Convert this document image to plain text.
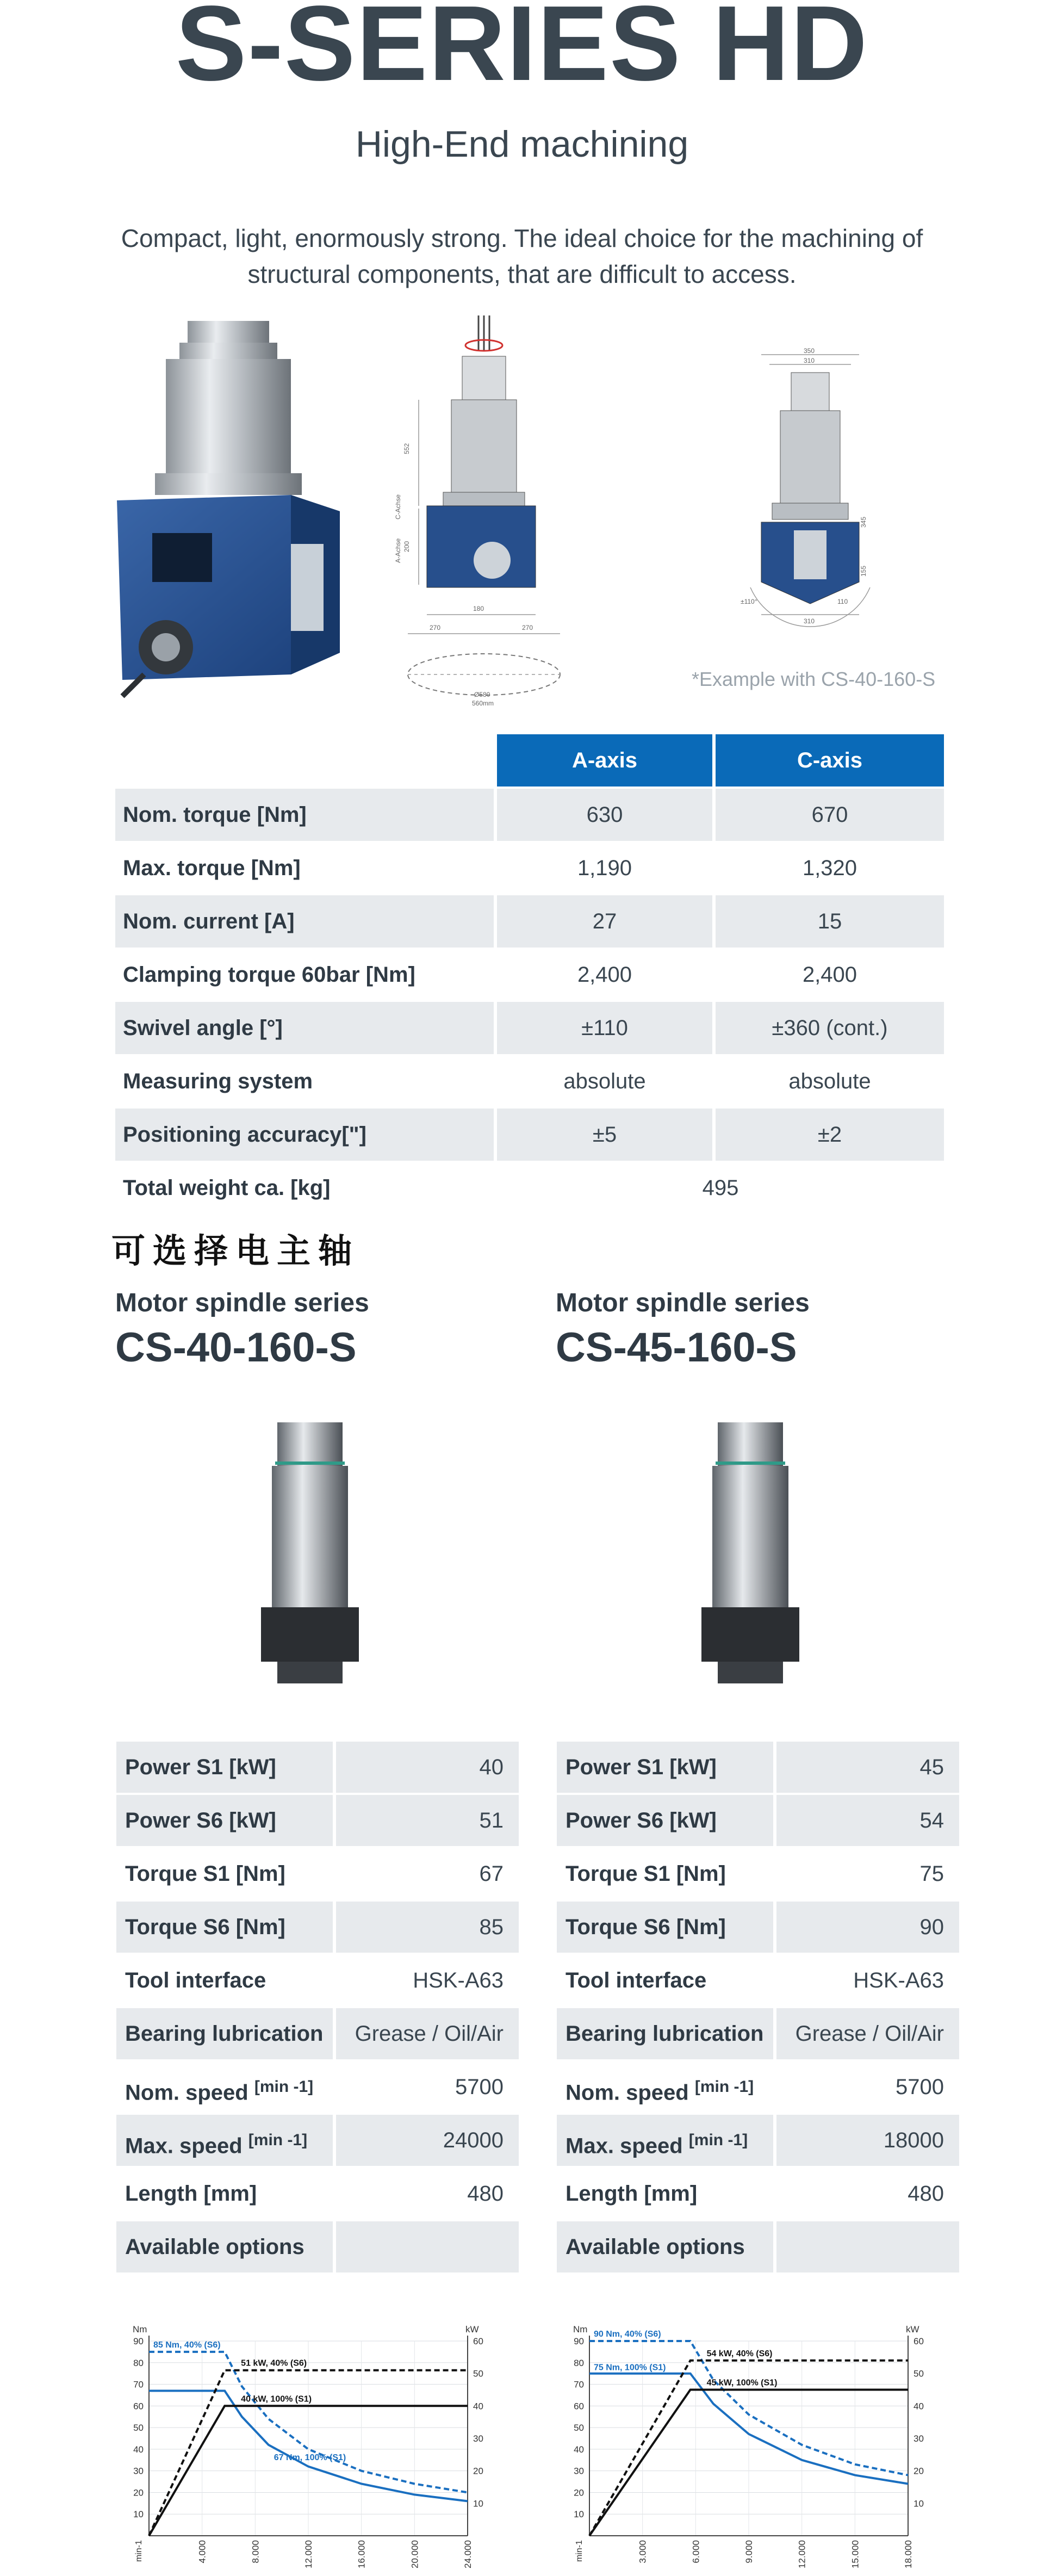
S-SERIES HD
High-End machining
Compact, light, enormously strong. The ideal choice for the machining of structural components, that are difficult to access.
552
200
180
270	270
Ø580
560mm
A-Achse
C-Achse
350
310
345
155
310
110
±110°
*Example with CS-40-160-S
A-axis	C-axis
Nom. torque [Nm]	630	670
Max. torque [Nm]	1,190	1,320
Nom. current [A]	27	15
Clamping torque 60bar [Nm]	2,400	2,400
Swivel angle [°]	±110	±360 (cont.)
Measuring system	absolute	absolute
Positioning accuracy["]	±5	±2
Total weight ca. [kg]	495
可选择电主轴
Motor spindle series
CS-40-160-S
Motor spindle series
CS-45-160-S
Power S1 [kW]	40
Power S6 [kW]	51
Torque S1 [Nm]	67
Torque S6 [Nm]	85
Tool interface	HSK-A63
Bearing lubrication	Grease / Oil/Air
Nom. speed [min -1]	5700
Max. speed [min -1]	24000
Length [mm]	480
Available options
Power S1 [kW]	45
Power S6 [kW]	54
Torque S1 [Nm]	75
Torque S6 [Nm]	90
Tool interface	HSK-A63
Bearing lubrication	Grease / Oil/Air
Nom. speed [min -1]	5700
Max. speed [min -1]	18000
Length [mm]	480
Available options
10
20
30
40
50
60
70
80
90
10
20
30
40
50
60
4.000	8.000	12.000	16.000	20.000	24.000
Nm	kW
min-1
85 Nm, 40% (S6)
67 Nm, 100% (S1)
51 kW, 40% (S6)
40 kW, 100% (S1)
10
20
30
40
50
60
70
80
90
10
20
30
40
50
60
3.000	6.000	9.000	12.000	15.000	18.000
Nm	kW
min-1
90 Nm, 40% (S6)
75 Nm, 100% (S1)
54 kW, 40% (S6)
45 kW, 100% (S1)
